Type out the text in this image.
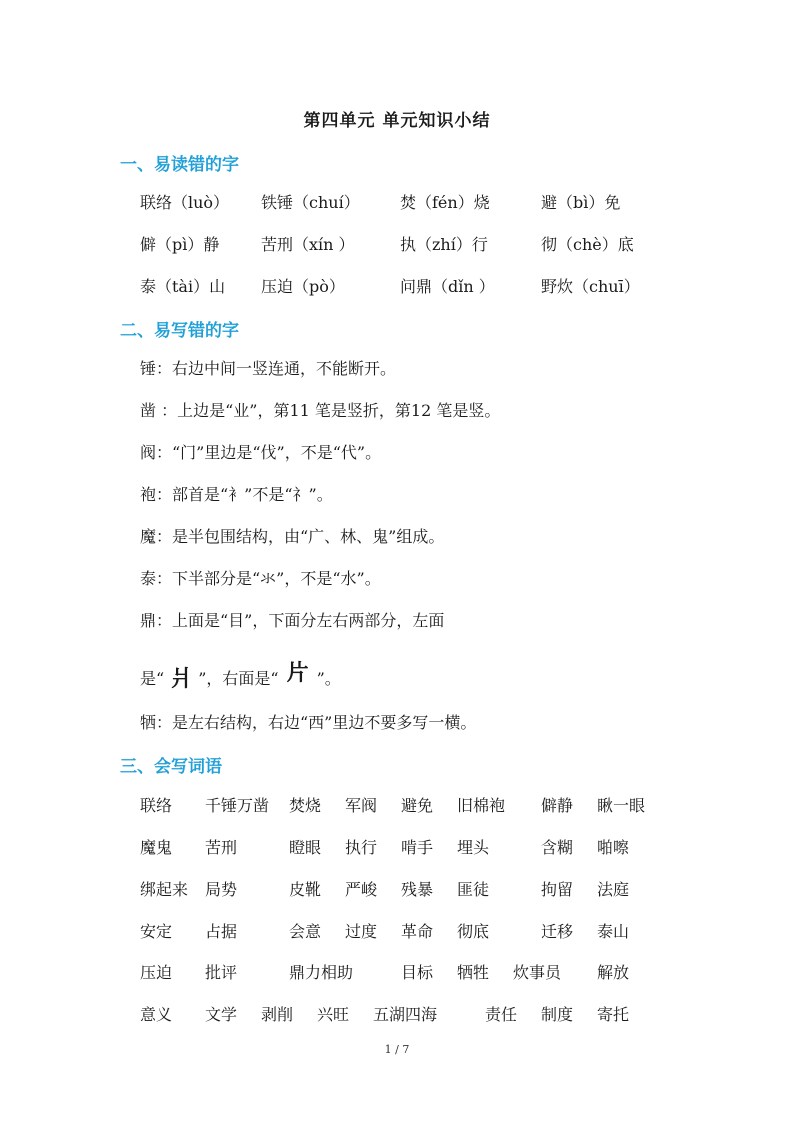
第四单元 单元知识小结
一、易读错的字
联络（luò） 铁锤（chuí）	焚（fén）烧	避（bì）免
僻（pì）静	苦刑（xín ）	执（zhí）行	彻（chè）底
泰（tài）山 压迫（pò）	问鼎（dǐn ）	野炊（chuī）
二、易写错的字
锤：右边中间一竖连通，不能断开。
凿 ：上边是“业”，第11 笔是竖折，第12 笔是竖。
阀：“门”里边是“伐”，不是“代”。
袍：部首是“衤”不是“礻”。
魔：是半包围结构，由“广、林、鬼”组成。
泰：下半部分是“氺”，不是“水”。
鼎：上面是“目”，下面分左右两部分，左面
是“ 爿 ”，右面是“ 片 ”。
牺：是左右结构，右边“西”里边不要多写一横。
三、会写词语
联络 千锤万凿 焚烧 军阀 避免 旧棉袍 僻静 瞅一眼
魔鬼 苦刑	瞪眼 执行 啃手 埋头	含糊 啪嚓
绑起来 局势	皮靴 严峻 残暴 匪徒	拘留 法庭
安定 占据	会意 过度 革命 彻底	迁移 泰山
压迫 批评	鼎力相助	目标 牺牲 炊事员 解放
意义 文学 剥削 兴旺 五湖四海	责任 制度 寄托
1 / 7
